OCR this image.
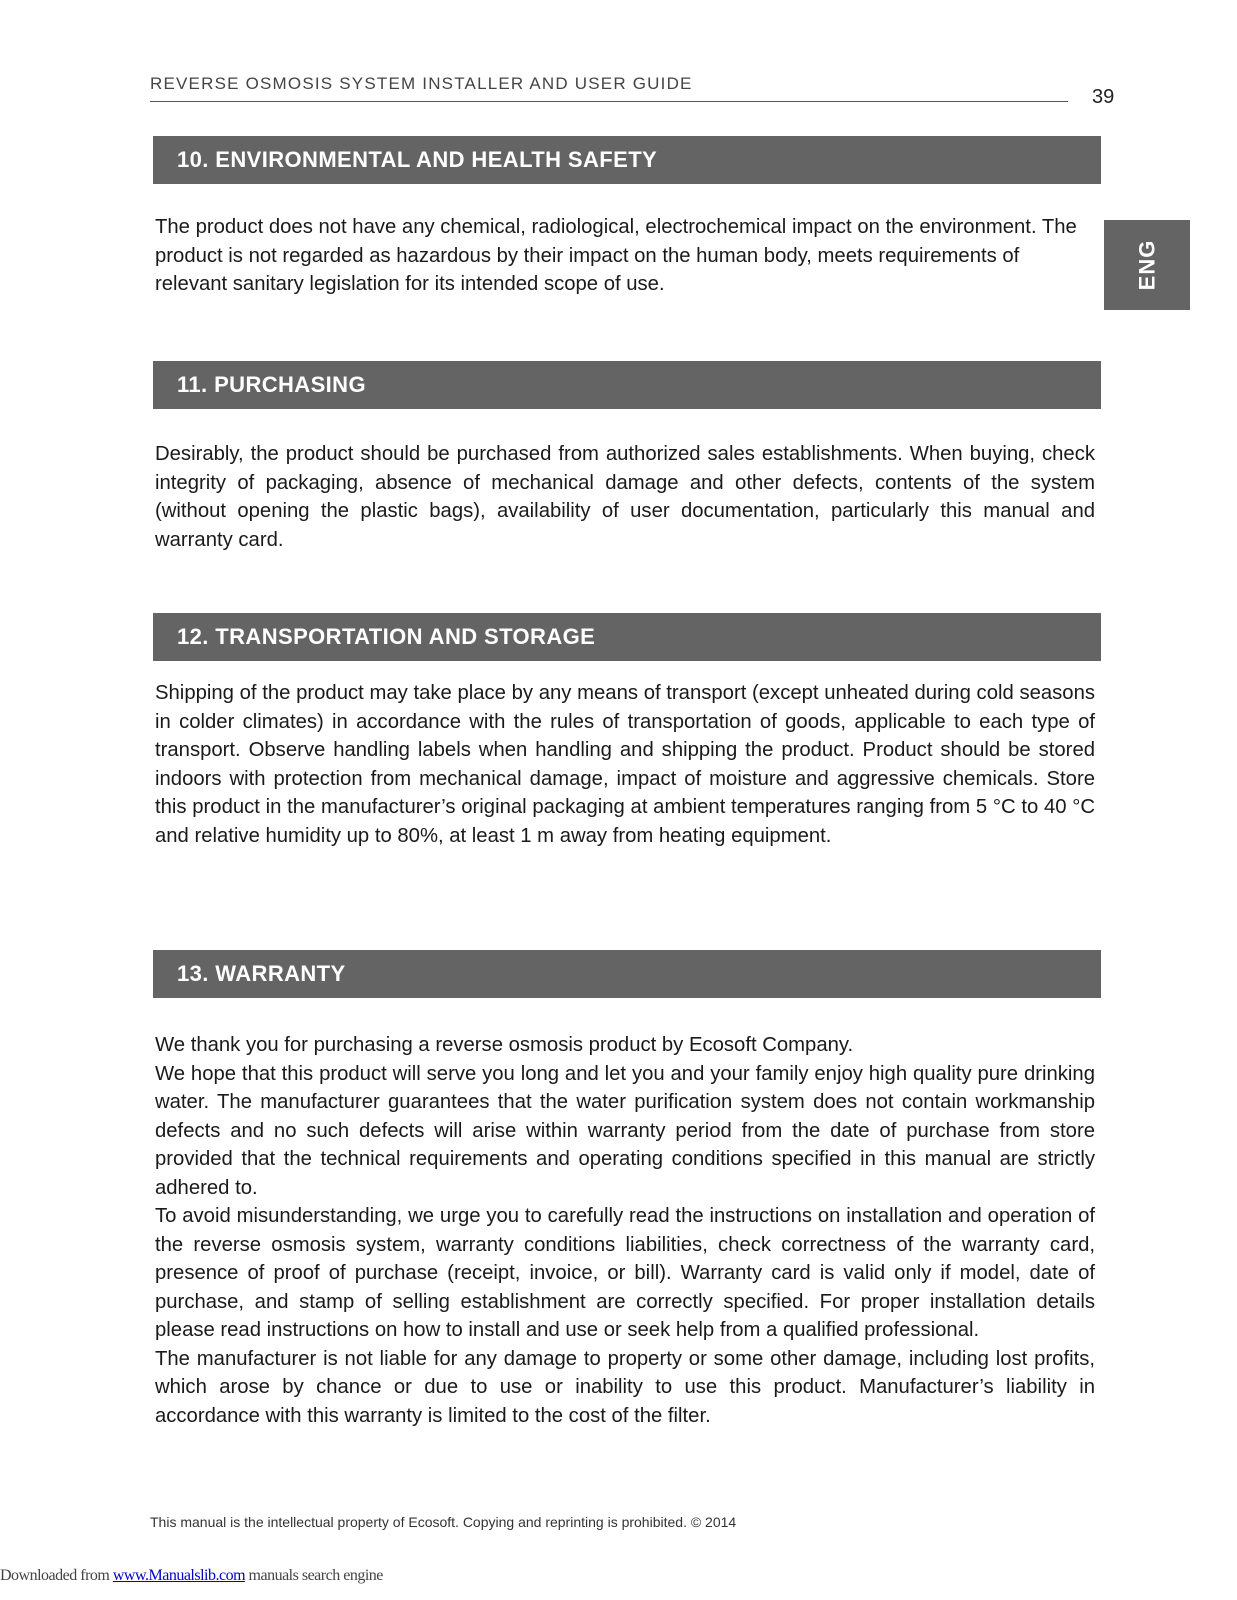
REVERSE OSMOSIS SYSTEM INSTALLER AND USER GUIDE
39
ENG
10. ENVIRONMENTAL AND HEALTH SAFETY

The product does not have any chemical, radiological, electrochemical impact on the environment. The product is not regarded as hazardous by their impact on the human body, meets requirements of relevant sanitary legislation for its intended scope of use.

11. PURCHASING

Desirably, the product should be purchased from authorized sales establishments. When buying, check integrity of packaging, absence of mechanical damage and other defects, contents of the system (without opening the plastic bags), availability of user documentation, particularly this manual and warranty card.

12. TRANSPORTATION AND STORAGE

Shipping of the product may take place by any means of transport (except unheated during cold seasons in colder climates) in accordance with the rules of transportation of goods, applicable to each type of transport. Observe handling labels when handling and shipping the product. Product should be stored indoors with protection from mechanical damage, impact of moisture and aggressive chemicals. Store this product in the manufacturer’s original packaging at ambient temperatures ranging from 5 °C to 40 °C and relative humidity up to 80%, at least 1 m away from heating equipment.

13. WARRANTY

We thank you for purchasing a reverse osmosis product by Ecosoft Company.

We hope that this product will serve you long and let you and your family enjoy high quality pure drinking water. The manufacturer guarantees that the water purification system does not contain workmanship defects and no such defects will arise within warranty period from the date of purchase from store provided that the technical requirements and operating conditions specified in this manual are strictly adhered to.

To avoid misunderstanding, we urge you to carefully read the instructions on installation and operation of the reverse osmosis system, warranty conditions liabilities, check correctness of the warranty card, presence of proof of purchase (receipt, invoice, or bill). Warranty card is valid only if model, date of purchase, and stamp of selling establishment are correctly specified. For proper installation details please read instructions on how to install and use or seek help from a qualified professional.

The manufacturer is not liable for any damage to property or some other damage, including lost profits, which arose by chance or due to use or inability to use this product. Manufacturer’s liability in accordance with this warranty is limited to the cost of the filter.

This manual is the intellectual property of Ecosoft. Copying and reprinting is prohibited. © 2014
Downloaded from www.Manualslib.com manuals search engine
